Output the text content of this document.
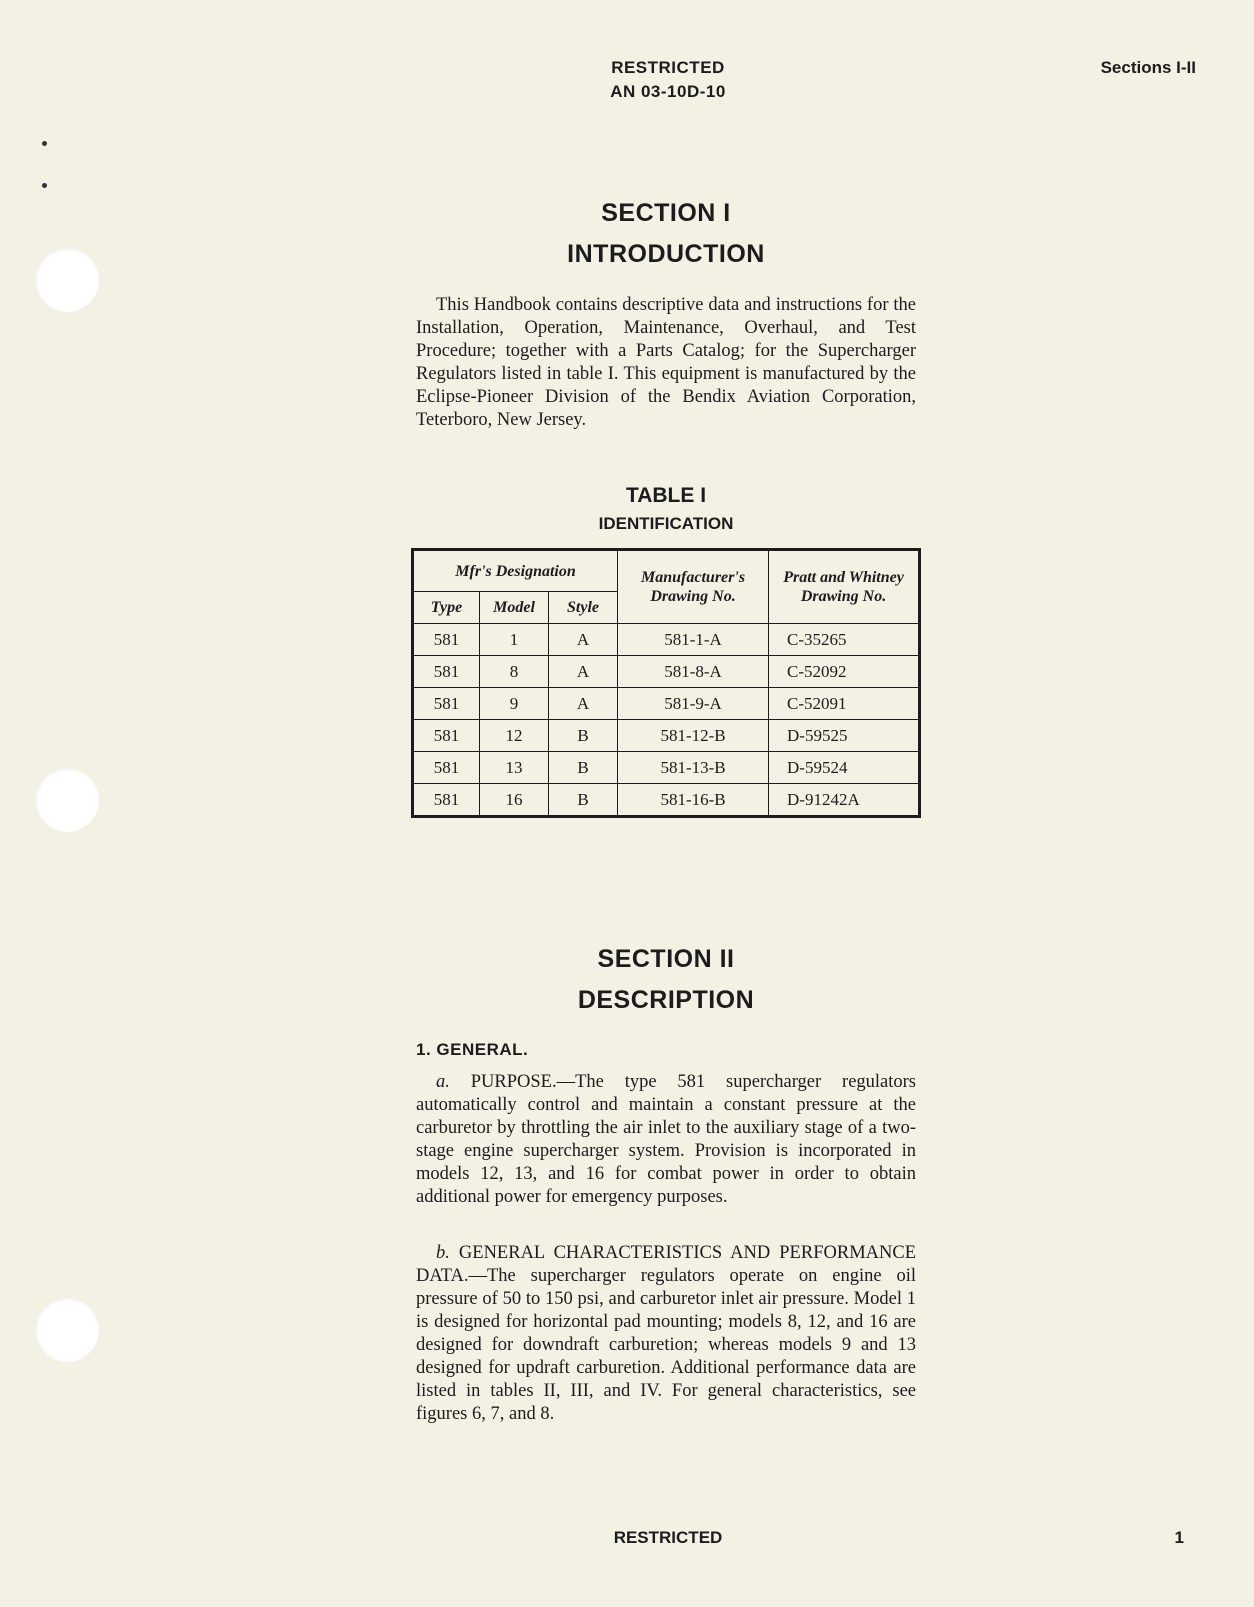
RESTRICTED
AN 03-10D-10
Sections I-II
SECTION I
INTRODUCTION

This Handbook contains descriptive data and instructions for the Installation, Operation, Maintenance, Overhaul, and Test Procedure; together with a Parts Catalog; for the Supercharger Regulators listed in table I. This equipment is manufactured by the Eclipse-Pioneer Division of the Bendix Aviation Corporation, Teterboro, New Jersey.

TABLE I
IDENTIFICATION
Mfr's Designation			Manufacturer's Drawing No.	Pratt and Whitney Drawing No.
Type	Model	Style		
581	1	A	581-1-A	C-35265
581	8	A	581-8-A	C-52092
581	9	A	581-9-A	C-52091
581	12	B	581-12-B	D-59525
581	13	B	581-13-B	D-59524
581	16	B	581-16-B	D-91242A
SECTION II
DESCRIPTION
1. GENERAL.

a. PURPOSE.—The type 581 supercharger regulators automatically control and maintain a constant pressure at the carburetor by throttling the air inlet to the auxiliary stage of a two-stage engine supercharger system. Provision is incorporated in models 12, 13, and 16 for combat power in order to obtain additional power for emergency purposes.

b. GENERAL CHARACTERISTICS AND PERFORMANCE DATA.—The supercharger regulators operate on engine oil pressure of 50 to 150 psi, and carburetor inlet air pressure. Model 1 is designed for horizontal pad mounting; models 8, 12, and 16 are designed for downdraft carburetion; whereas models 9 and 13 designed for updraft carburetion. Additional performance data are listed in tables II, III, and IV. For general characteristics, see figures 6, 7, and 8.

RESTRICTED	1
